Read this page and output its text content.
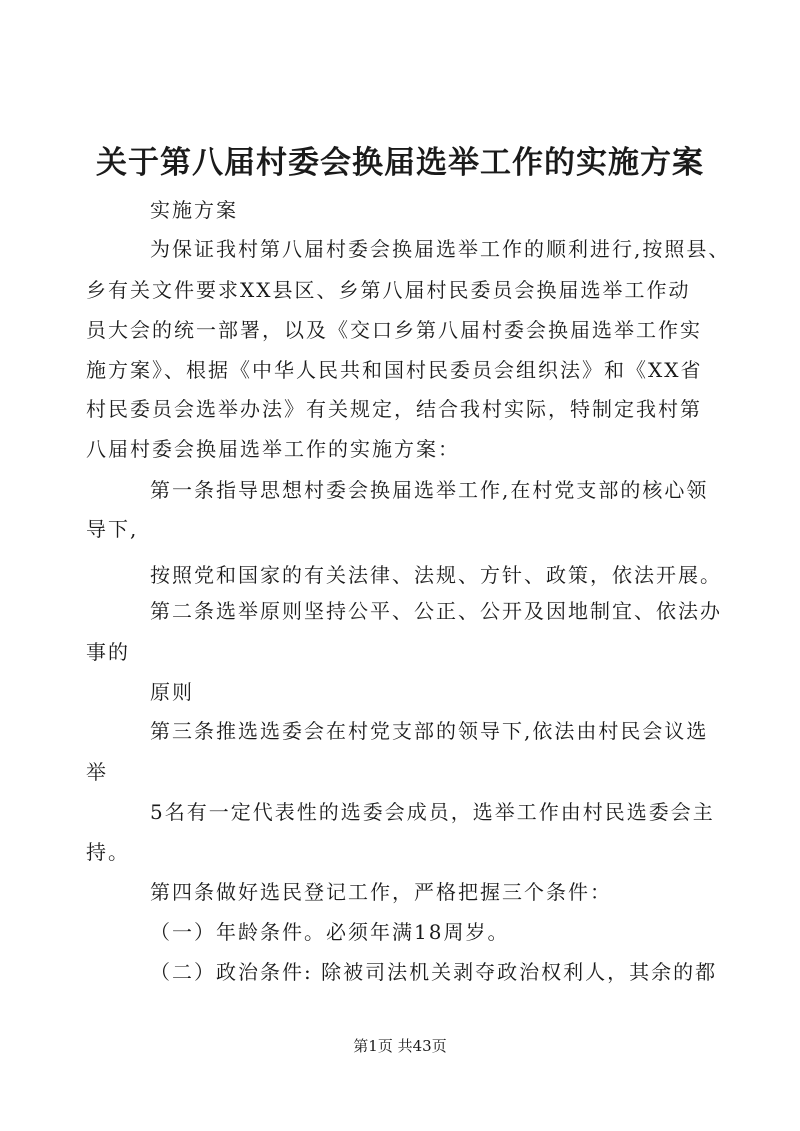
关于第八届村委会换届选举工作的实施方案
实施方案
为保证我村第八届村委会换届选举工作的顺利进行,按照县、
乡有关文件要求XX县区、乡第八届村民委员会换届选举工作动
员大会的统一部署，以及《交口乡第八届村委会换届选举工作实
施方案》、根据《中华人民共和国村民委员会组织法》和《XX省
村民委员会选举办法》有关规定，结合我村实际，特制定我村第
八届村委会换届选举工作的实施方案：
第一条指导思想村委会换届选举工作,在村党支部的核心领
导下,
按照党和国家的有关法律、法规、方针、政策，依法开展。
第二条选举原则坚持公平、公正、公开及因地制宜、依法办
事的
原则
第三条推选选委会在村党支部的领导下,依法由村民会议选
举
5名有一定代表性的选委会成员，选举工作由村民选委会主
持。
第四条做好选民登记工作，严格把握三个条件：
（一）年龄条件。必须年满18周岁。
（二）政治条件: 除被司法机关剥夺政治权利人，其余的都
第1页 共43页
